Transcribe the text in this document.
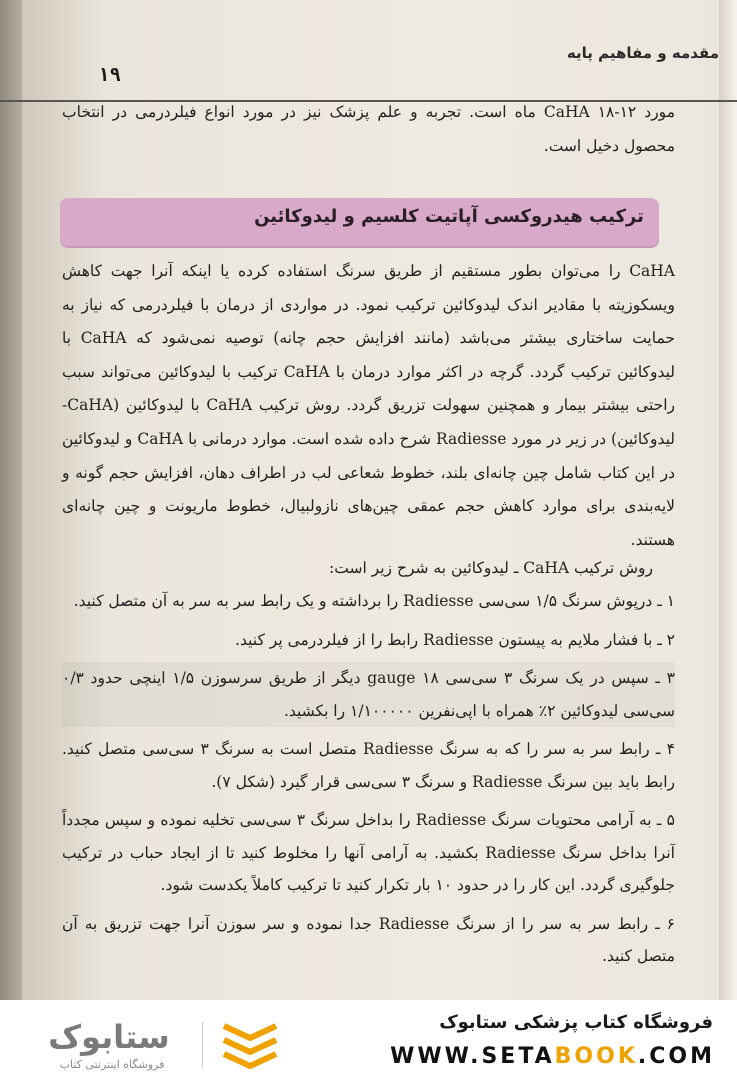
مقدمه و مفاهیم پایه
۱۹
مورد CaHA ۱۸-۱۲ ماه است. تجربه و علم پزشک نیز در مورد انواع فیلردرمی در انتخاب محصول دخیل است.
ترکیب هیدروکسی آپاتیت کلسیم و لیدوکائین
CaHA را می‌توان بطور مستقیم از طریق سرنگ استفاده کرده یا اینکه آنرا جهت کاهش ویسکوزیته با مقادیر اندک لیدوکائین ترکیب نمود. در مواردی از درمان با فیلردرمی که نیاز به حمایت ساختاری بیشتر می‌باشد (مانند افزایش حجم چانه) توصیه نمی‌شود که CaHA با لیدوکائین ترکیب گردد. گرچه در اکثر موارد درمان با CaHA ترکیب با لیدوکائین می‌تواند سبب راحتی بیشتر بیمار و همچنین سهولت تزریق گردد. روش ترکیب CaHA با لیدوکائین (CaHA- لیدوکائین) در زیر در مورد Radiesse شرح داده شده است. موارد درمانی با CaHA و لیدوکائین در این کتاب شامل چین چانه‌ای بلند، خطوط شعاعی لب در اطراف دهان، افزایش حجم گونه و لایه‌بندی برای موارد کاهش حجم عمقی چین‌های نازولبیال، خطوط ماریونت و چین چانه‌ای هستند.
روش ترکیب CaHA ـ لیدوکائین به شرح زیر است:
۱ ـ درپوش سرنگ ۱/۵ سی‌سی Radiesse را برداشته و یک رابط سر به سر به آن متصل کنید.
۲ ـ با فشار ملایم به پیستون Radiesse رابط را از فیلردرمی پر کنید.
۳ ـ سپس در یک سرنگ ۳ سی‌سی gauge ۱۸ دیگر از طریق سرسوزن ۱/۵ اینچی حدود ۰/۳ سی‌سی لیدوکائین ۲٪ همراه با اپی‌نفرین ۱/۱۰۰۰۰۰ را بکشید.
۴ ـ رابط سر به سر را که به سرنگ Radiesse متصل است به سرنگ ۳ سی‌سی متصل کنید. رابط باید بین سرنگ Radiesse و سرنگ ۳ سی‌سی قرار گیرد (شکل ۷).
۵ ـ به آرامی محتویات سرنگ Radiesse را بداخل سرنگ ۳ سی‌سی تخلیه نموده و سپس مجدداً آنرا بداخل سرنگ Radiesse بکشید. به آرامی آنها را مخلوط کنید تا از ایجاد حباب در ترکیب جلوگیری گردد. این کار را در حدود ۱۰ بار تکرار کنید تا ترکیب کاملاً یکدست شود.
۶ ـ رابط سر به سر را از سرنگ Radiesse جدا نموده و سر سوزن آنرا جهت تزریق به آن متصل کنید.
ستابوک
فروشگاه اینترنتی کتاب
فروشگاه کتاب پزشکی ستابوک
WWW.SETABOOK.COM
